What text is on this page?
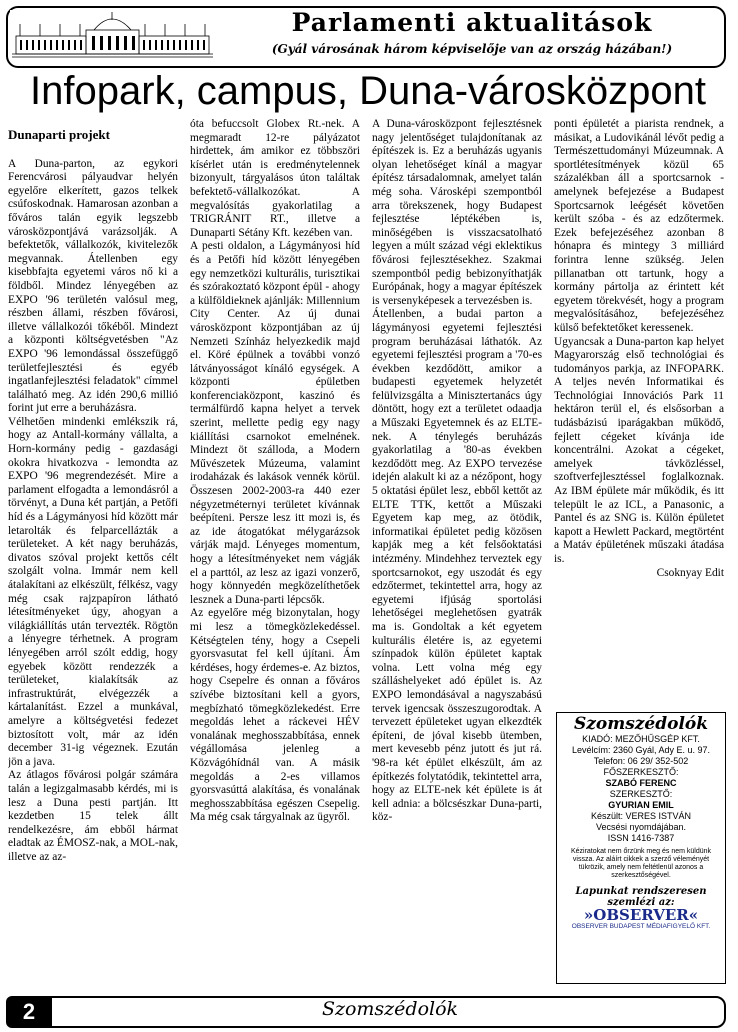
Parlamenti aktualitások
(Gyál városának három képviselője van az ország házában!)
Infopark, campus, Duna-városközpont

Dunaparti projekt

A Duna-parton, az egykori Ferencvárosi pályaudvar helyén egyelőre elkerített, gazos telkek csúfoskodnak. Hamarosan azonban a főváros talán egyik legszebb városközpontjává varázsolják. A befektetők, vállalkozók, kivitelezők megvannak. Átellenben egy kisebbfajta egyetemi város nő ki a földből. Mindez lényegében az EXPO '96 területén valósul meg, részben állami, részben fővárosi, illetve vállalkozói tőkéből. Mindezt a központi költségvetésben "Az EXPO '96 lemondással összefüggő területfejlesztési és egyéb ingatlanfejlesztési feladatok" címmel található meg. Az idén 290,6 millió forint jut erre a beruházásra.

Vélhetően mindenki emlékszik rá, hogy az Antall-kormány vállalta, a Horn-kormány pedig - gazdasági okokra hivatkozva - lemondta az EXPO '96 megrendezését. Mire a parlament elfogadta a lemondásról a törvényt, a Duna két partján, a Petőfi híd és a Lágymányosi híd között már letarolták és felparcellázták a területeket. A két nagy beruházás, divatos szóval projekt kettős célt szolgált volna. Immár nem kell átalakítani az elkészült, félkész, vagy még csak rajzpapíron látható létesítményeket úgy, ahogyan a világkiállítás után tervezték. Rögtön a lényegre térhetnek. A program lényegében arról szólt eddig, hogy egyebek között rendezzék a területeket, kialakítsák az infrastruktúrát, elvégezzék a kártalanítást. Ezzel a munkával, amelyre a költségvetési fedezet biztosított volt, már az idén december 31-ig végeznek. Ezután jön a java.

Az átlagos fővárosi polgár számára talán a legizgalmasabb kérdés, mi is lesz a Duna pesti partján. Itt kezdetben 15 telek állt rendelkezésre, ám ebből hármat eladtak az ÉMOSZ-nak, a MOL-nak, illetve az az-

óta befuccsolt Globex Rt.-nek. A megmaradt 12-re pályázatot hirdettek, ám amikor ez többszöri kísérlet után is eredménytelennek bizonyult, tárgyalásos úton találtak befektető-vállalkozókat. A megvalósítás gyakorlatilag a TRIGRÁNIT RT., illetve a Dunaparti Sétány Kft. kezében van.

A pesti oldalon, a Lágymányosi híd és a Petőfi híd között lényegében egy nemzetközi kulturális, turisztikai és szórakoztató központ épül - ahogy a külföldieknek ajánlják: Millennium City Center. Az új dunai városközpont központjában az új Nemzeti Színház helyezkedik majd el. Köré épülnek a további vonzó látványosságot kínáló egységek. A központi épületben konferenciaközpont, kaszinó és termálfürdő kapna helyet a tervek szerint, mellette pedig egy nagy kiállítási csarnokot emelnének. Mindezt öt szálloda, a Modern Művészetek Múzeuma, valamint irodaházak és lakások vennék körül. Összesen 2002-2003-ra 440 ezer négyzetméternyi területet kívánnak beépíteni. Persze lesz itt mozi is, és az ide átogatókat mélygarázsok várják majd. Lényeges momentum, hogy a létesítményeket nem vágják el a parttól, az lesz az igazi vonzerő, hogy könnyedén megközelíthetőek lesznek a Duna-parti lépcsők.

Az egyelőre még bizonytalan, hogy mi lesz a tömegközlekedéssel. Kétségtelen tény, hogy a Csepeli gyorsvasutat fel kell újítani. Ám kérdéses, hogy érdemes-e. Az biztos, hogy Csepelre és onnan a főváros szívébe biztosítani kell a gyors, megbízható tömegközlekedést. Erre megoldás lehet a ráckevei HÉV vonalának meghosszabbítása, ennek végállomása jelenleg a Közvágóhídnál van. A másik megoldás a 2-es villamos gyorsvasúttá alakítása, és vonalának meghosszabbítása egészen Csepelig. Ma még csak tárgyalnak az ügyről.

A Duna-városközpont fejlesztésnek nagy jelentőséget tulajdonítanak az építészek is. Ez a beruházás ugyanis olyan lehetőséget kínál a magyar építész társadalomnak, amelyet talán még soha. Városképi szempontból arra törekszenek, hogy Budapest fejlesztése léptékében is, minőségében is visszacsatolható legyen a múlt század végi eklektikus fővárosi fejlesztésekhez. Szakmai szempontból pedig bebizonyíthatják Európának, hogy a magyar építészek is versenyképesek a tervezésben is.

Átellenben, a budai parton a lágymányosi egyetemi fejlesztési program beruházásai láthatók. Az egyetemi fejlesztési program a '70-es években kezdődött, amikor a budapesti egyetemek helyzetét felülvizsgálta a Minisztertanács úgy döntött, hogy ezt a területet odaadja a Műszaki Egyetemnek és az ELTE-nek. A ténylegés beruházás gyakorlatilag a '80-as években kezdődött meg. Az EXPO tervezése idején alakult ki az a nézőpont, hogy 5 oktatási épület lesz, ebből kettőt az ELTE TTK, kettőt a Műszaki Egyetem kap meg, az ötödik, informatikai épületet pedig közösen kapják meg a két felsőoktatási intézmény. Mindehhez terveztek egy sportcsarnokot, egy uszodát és egy edzőtermet, tekintettel arra, hogy az egyetemi ifjúság sportolási lehetőségei meglehetősen gyatrák ma is. Gondoltak a két egyetem kulturális életére is, az egyetemi színpadok külön épületet kaptak volna. Lett volna még egy szálláshelyeket adó épület is. Az EXPO lemondásával a nagyszabású tervek igencsak összeszugorodtak. A tervezett épületeket ugyan elkezdték építeni, de jóval kisebb ütemben, mert kevesebb pénz jutott és jut rá. '98-ra két épület elkészült, ám az építkezés folytatódik, tekintettel arra, hogy az ELTE-nek két épülete is át kell adnia: a bölcsészkar Duna-parti, köz-

ponti épületét a piarista rendnek, a másikat, a Ludovikánál lévőt pedig a Természettudományi Múzeumnak. A sportlétesítmények közül 65 százalékban áll a sportcsarnok - amelynek befejezése a Budapest Sportcsarnok leégését követően került szóba - és az edzőtermek. Ezek befejezéséhez azonban 8 hónapra és mintegy 3 milliárd forintra lenne szükség. Jelen pillanatban ott tartunk, hogy a kormány pártolja az érintett két egyetem törekvését, hogy a program megvalósításához, befejezéséhez külső befektetőket keressenek.

Ugyancsak a Duna-parton kap helyet Magyarország első technológiai és tudományos parkja, az INFOPARK. A teljes nevén Informatikai és Technológiai Innovációs Park 11 hektáron terül el, és elsősorban a tudásbázisú iparágakban működő, fejlett cégeket kívánja ide koncentrálni. Azokat a cégeket, amelyek távközléssel, szoftverfejlesztéssel foglalkoznak. Az IBM épülete már működik, és itt települt le az ICL, a Panasonic, a Pantel és az SNG is. Külön épületet kapott a Hewlett Packard, megtörtént a Matáv épületének műszaki átadása is.

Csoknyay Edit

Szomszédolók

KIADÓ: MEZŐHŰSGÉP KFT.

Levélcím: 2360 Gyál, Ady E. u. 97.

Telefon: 06 29/ 352-502

FŐSZERKESZTŐ:

SZABÓ FERENC

SZERKESZTŐ:

GYURIAN EMIL

Készült: VERES ISTVÁN

Vecsési nyomdájában.

ISSN 1416-7387

Kéziratokat nem őrzünk meg és nem küldünk vissza. Az aláírt cikkek a szerző véleményét tükrözik, amely nem feltétlenül azonos a szerkesztőségével.

Lapunkat rendszeresen szemlézi az:
»OBSERVER«
OBSERVER BUDAPEST MÉDIAFIGYELŐ KFT.
2	Szomszédolók
